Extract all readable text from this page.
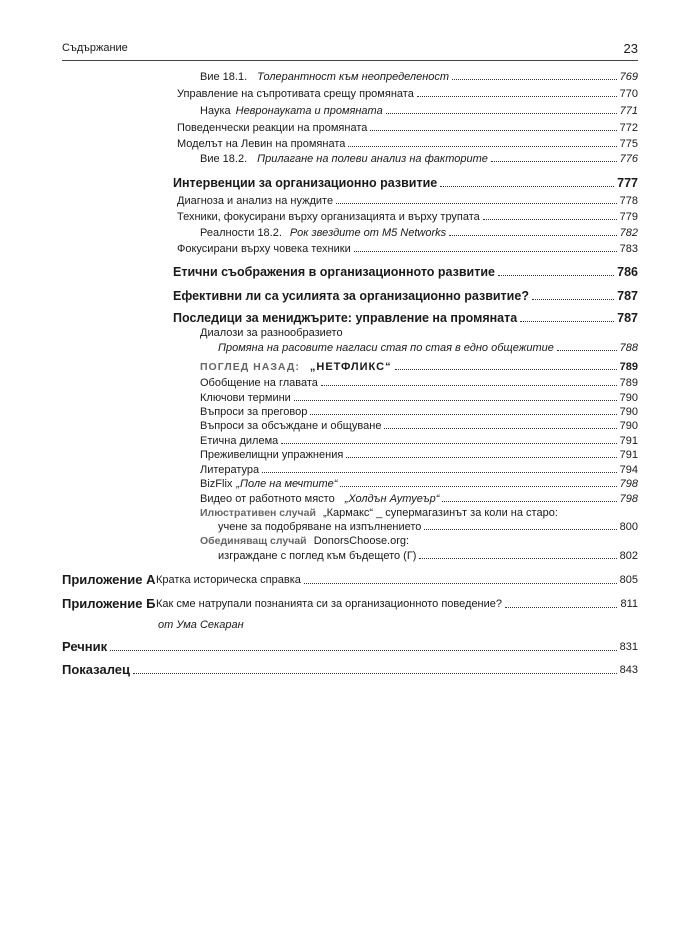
Съдържание	23
Вие 18.1. Толерантност към неопределеност	769
Управление на съпротивата срещу промяната	770
Наука Невронауката и промяната	771
Поведенчески реакции на промяната	772
Моделът на Левин на промяната	775
Вие 18.2. Прилагане на полеви анализ на факторите	776
Интервенции за организационно развитие	777
Диагноза и анализ на нуждите	778
Техники, фокусирани върху организацията и върху трупата	779
Реалности 18.2. Рок звездите от M5 Networks	782
Фокусирани върху човека техники	783
Етични съображения в организационното развитие	786
Ефективни ли са усилията за организационно развитие?	787
Последици за мениджърите: управление на промяната	787
Диалози за разнообразието
Промяна на расовите нагласи стая по стая в едно общежитие	788
ПОГЛЕД НАЗАД: „НЕТФЛИКС“	789
Обобщение на главата	789
Ключови термини	790
Въпроси за преговор	790
Въпроси за обсъждане и общуване	790
Етична дилема	791
Преживелищни упражнения	791
Литература	794
BizFlix „Поле на мечтите“	798
Видео от работното място „Холдън Аутуеър“	798
Илюстративен случай „Кармакс“ _ супермагазинът за коли на старо:
учене за подобряване на изпълнението	800
Обединяващ случай DonorsChoose.org:
изграждане с поглед към бъдещето (Г)	802
Приложение А Кратка историческа справка	805
Приложение Б Как сме натрупали познанията си за организационното поведение?	811
от Ума Секаран
Речник	831
Показалец	843
